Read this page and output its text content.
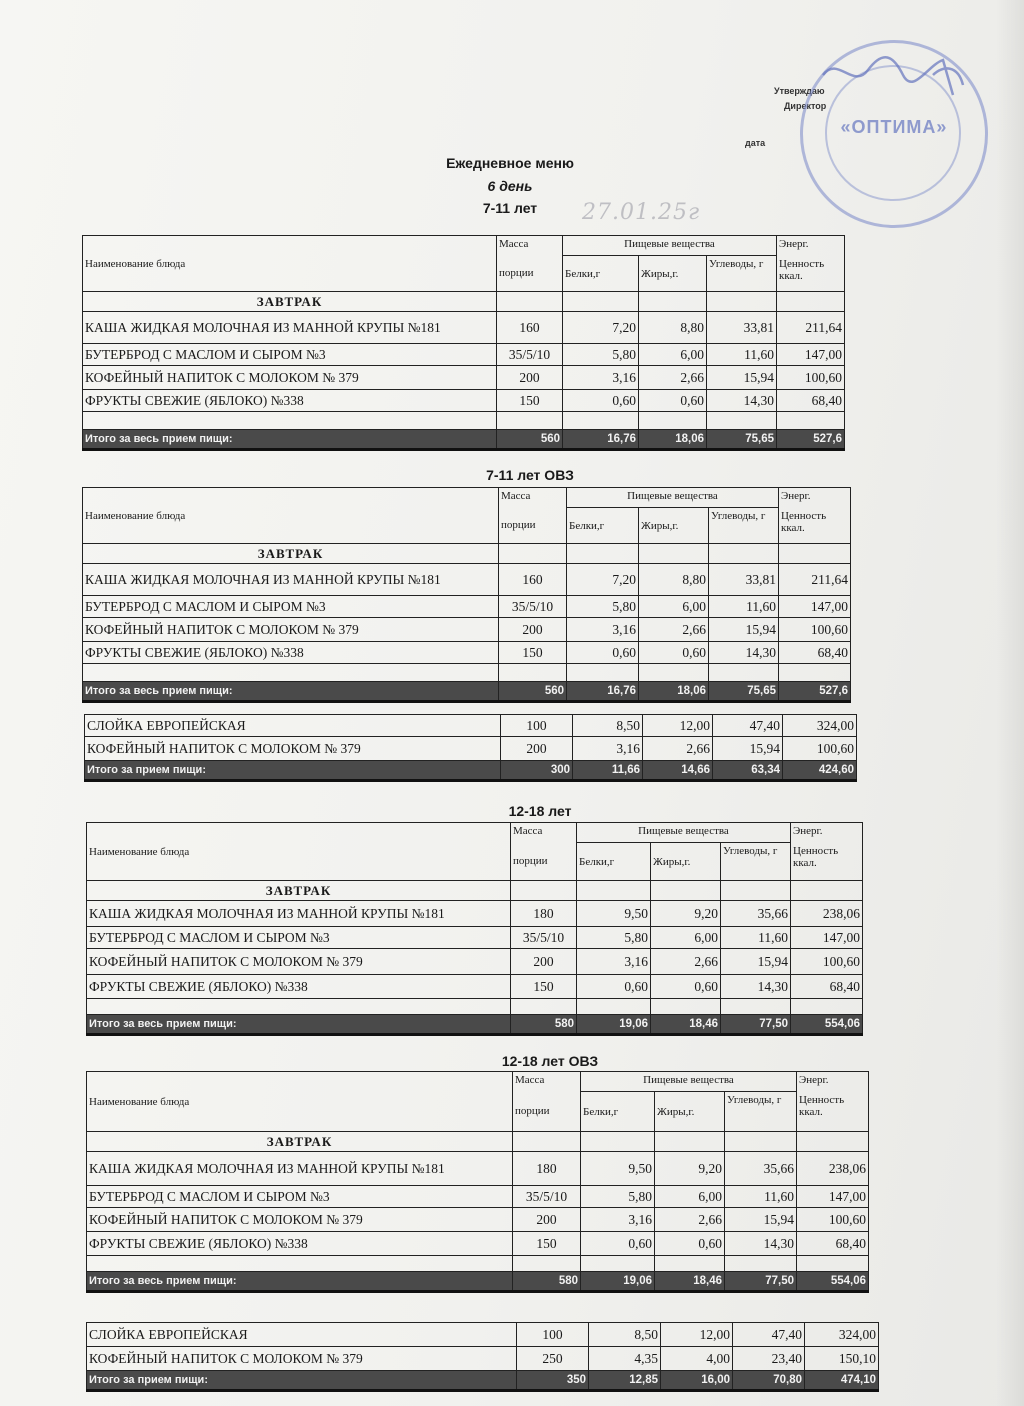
Утверждаю
Директор
дата
«ОПТИМА»
Ежедневное меню
6 день
7-11 лет	27.01.25г
Наименование блюда	Масса	Пищевые вещества			Энерг.
	порции	Белки,г	Жиры,г.	Углеводы, г	Ценность
ккал.
ЗАВТРАК					
КАША ЖИДКАЯ МОЛОЧНАЯ ИЗ МАННОЙ КРУПЫ №181	160	7,20	8,80	33,81	211,64
БУТЕРБРОД С МАСЛОМ И СЫРОМ №3	35/5/10	5,80	6,00	11,60	147,00
КОФЕЙНЫЙ НАПИТОК С МОЛОКОМ № 379	200	3,16	2,66	15,94	100,60
ФРУКТЫ СВЕЖИЕ (ЯБЛОКО) №338	150	0,60	0,60	14,30	68,40

Итого за весь прием пищи:	560	16,76	18,06	75,65	527,6
7-11 лет ОВЗ
Наименование блюда	Масса	Пищевые вещества			Энерг.
	порции	Белки,г	Жиры,г.	Углеводы, г	Ценность
ккал.
ЗАВТРАК					
КАША ЖИДКАЯ МОЛОЧНАЯ ИЗ МАННОЙ КРУПЫ №181	160	7,20	8,80	33,81	211,64
БУТЕРБРОД С МАСЛОМ И СЫРОМ №3	35/5/10	5,80	6,00	11,60	147,00
КОФЕЙНЫЙ НАПИТОК С МОЛОКОМ № 379	200	3,16	2,66	15,94	100,60
ФРУКТЫ СВЕЖИЕ (ЯБЛОКО) №338	150	0,60	0,60	14,30	68,40

Итого за весь прием пищи:	560	16,76	18,06	75,65	527,6
СЛОЙКА ЕВРОПЕЙСКАЯ	100	8,50	12,00	47,40	324,00
КОФЕЙНЫЙ НАПИТОК С МОЛОКОМ № 379	200	3,16	2,66	15,94	100,60
Итого за прием пищи:	300	11,66	14,66	63,34	424,60
12-18 лет
Наименование блюда	Масса	Пищевые вещества			Энерг.
	порции	Белки,г	Жиры,г.	Углеводы, г	Ценность
ккал.
ЗАВТРАК					
КАША ЖИДКАЯ МОЛОЧНАЯ ИЗ МАННОЙ КРУПЫ №181	180	9,50	9,20	35,66	238,06
БУТЕРБРОД С МАСЛОМ И СЫРОМ №3	35/5/10	5,80	6,00	11,60	147,00
КОФЕЙНЫЙ НАПИТОК С МОЛОКОМ № 379	200	3,16	2,66	15,94	100,60
ФРУКТЫ СВЕЖИЕ (ЯБЛОКО) №338	150	0,60	0,60	14,30	68,40

Итого за весь прием пищи:	580	19,06	18,46	77,50	554,06
12-18 лет ОВЗ
Наименование блюда	Масса	Пищевые вещества			Энерг.
	порции	Белки,г	Жиры,г.	Углеводы, г	Ценность
ккал.
ЗАВТРАК					
КАША ЖИДКАЯ МОЛОЧНАЯ ИЗ МАННОЙ КРУПЫ №181	180	9,50	9,20	35,66	238,06
БУТЕРБРОД С МАСЛОМ И СЫРОМ №3	35/5/10	5,80	6,00	11,60	147,00
КОФЕЙНЫЙ НАПИТОК С МОЛОКОМ № 379	200	3,16	2,66	15,94	100,60
ФРУКТЫ СВЕЖИЕ (ЯБЛОКО) №338	150	0,60	0,60	14,30	68,40

Итого за весь прием пищи:	580	19,06	18,46	77,50	554,06
СЛОЙКА ЕВРОПЕЙСКАЯ	100	8,50	12,00	47,40	324,00
КОФЕЙНЫЙ НАПИТОК С МОЛОКОМ № 379	250	4,35	4,00	23,40	150,10
Итого за прием пищи:	350	12,85	16,00	70,80	474,10
